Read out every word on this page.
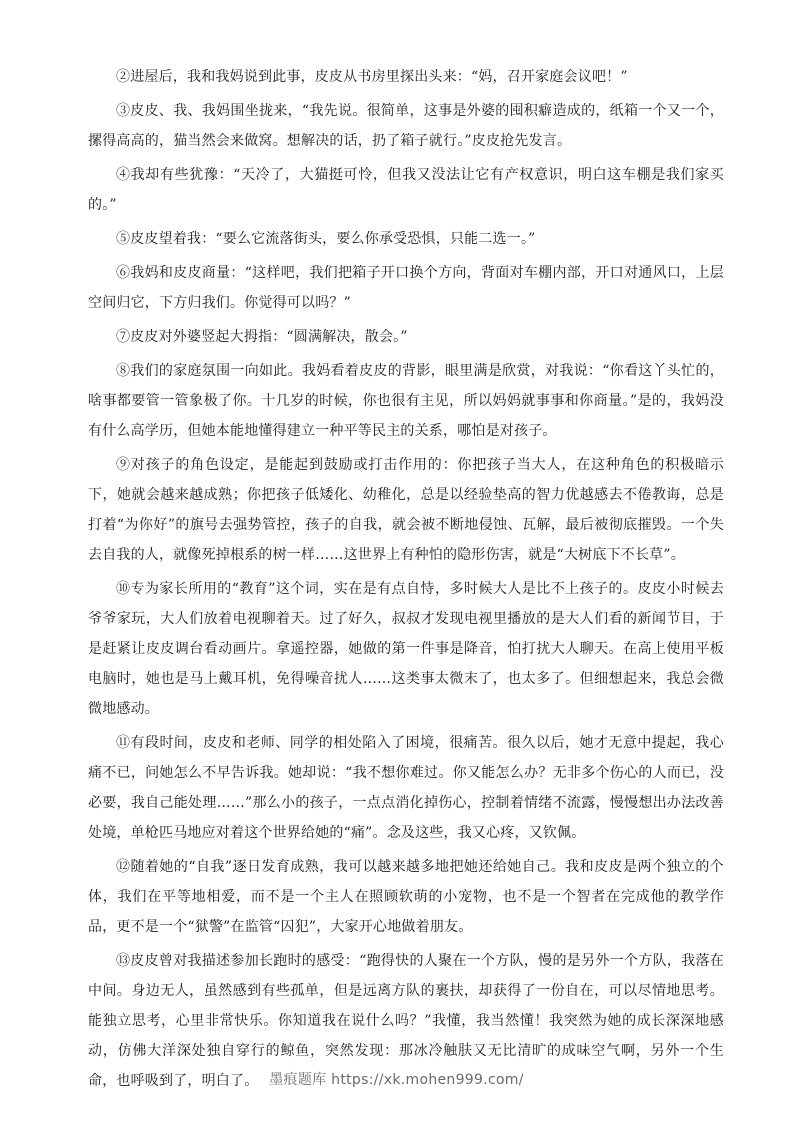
②进屋后，我和我妈说到此事，皮皮从书房里探出头来：“妈，召开家庭会议吧！”

③皮皮、我、我妈围坐拢来，“我先说。很简单，这事是外婆的囤积癖造成的，纸箱一个又一个，摞得高高的，猫当然会来做窝。想解决的话，扔了箱子就行。”皮皮抢先发言。

④我却有些犹豫：“天冷了，大猫挺可怜，但我又没法让它有产权意识，明白这车棚是我们家买的。”

⑤皮皮望着我：“要么它流落街头，要么你承受恐惧，只能二选一。”

⑥我妈和皮皮商量：“这样吧，我们把箱子开口换个方向，背面对车棚内部，开口对通风口，上层空间归它，下方归我们。你觉得可以吗？”

⑦皮皮对外婆竖起大拇指：“圆满解决，散会。”

⑧我们的家庭氛围一向如此。我妈看着皮皮的背影，眼里满是欣赏，对我说：“你看这丫头忙的，啥事都要管一管象极了你。十几岁的时候，你也很有主见，所以妈妈就事事和你商量。”是的，我妈没有什么高学历，但她本能地懂得建立一种平等民主的关系，哪怕是对孩子。

⑨对孩子的角色设定，是能起到鼓励或打击作用的：你把孩子当大人，在这种角色的积极暗示下，她就会越来越成熟；你把孩子低矮化、幼稚化，总是以经验垫高的智力优越感去不倦教诲，总是打着“为你好”的旗号去强势管控，孩子的自我，就会被不断地侵蚀、瓦解，最后被彻底摧毁。一个失去自我的人，就像死掉根系的树一样……这世界上有种怕的隐形伤害，就是“大树底下不长草”。

⑩专为家长所用的“教育”这个词，实在是有点自恃，多时候大人是比不上孩子的。皮皮小时候去爷爷家玩，大人们放着电视聊着天。过了好久，叔叔才发现电视里播放的是大人们看的新闻节目，于是赶紧让皮皮调台看动画片。拿遥控器，她做的第一件事是降音，怕打扰大人聊天。在高上使用平板电脑时，她也是马上戴耳机，免得噪音扰人……这类事太微末了，也太多了。但细想起来，我总会微微地感动。

⑪有段时间，皮皮和老师、同学的相处陷入了困境，很痛苦。很久以后，她才无意中提起，我心痛不已，问她怎么不早告诉我。她却说：“我不想你难过。你又能怎么办？无非多个伤心的人而已，没必要，我自己能处理……”那么小的孩子，一点点消化掉伤心，控制着情绪不流露，慢慢想出办法改善处境，单枪匹马地应对着这个世界给她的“痛”。念及这些，我又心疼，又钦佩。

⑫随着她的“自我”逐日发育成熟，我可以越来越多地把她还给她自己。我和皮皮是两个独立的个体，我们在平等地相爱，而不是一个主人在照顾软萌的小宠物，也不是一个智者在完成他的教学作品，更不是一个“狱警”在监管“囚犯”，大家开心地做着朋友。

⑬皮皮曾对我描述参加长跑时的感受：“跑得快的人聚在一个方队，慢的是另外一个方队，我落在中间。身边无人，虽然感到有些孤单，但是远离方队的裹扶，却获得了一份自在，可以尽情地思考。能独立思考，心里非常快乐。你知道我在说什么吗？”我懂，我当然懂！我突然为她的成长深深地感动，仿佛大洋深处独自穿行的鲸鱼，突然发现：那冰冷触肤又无比清旷的成味空气啊，另外一个生命，也呼吸到了，明白了。 墨痕题库 https://xk.mohen999.com/
